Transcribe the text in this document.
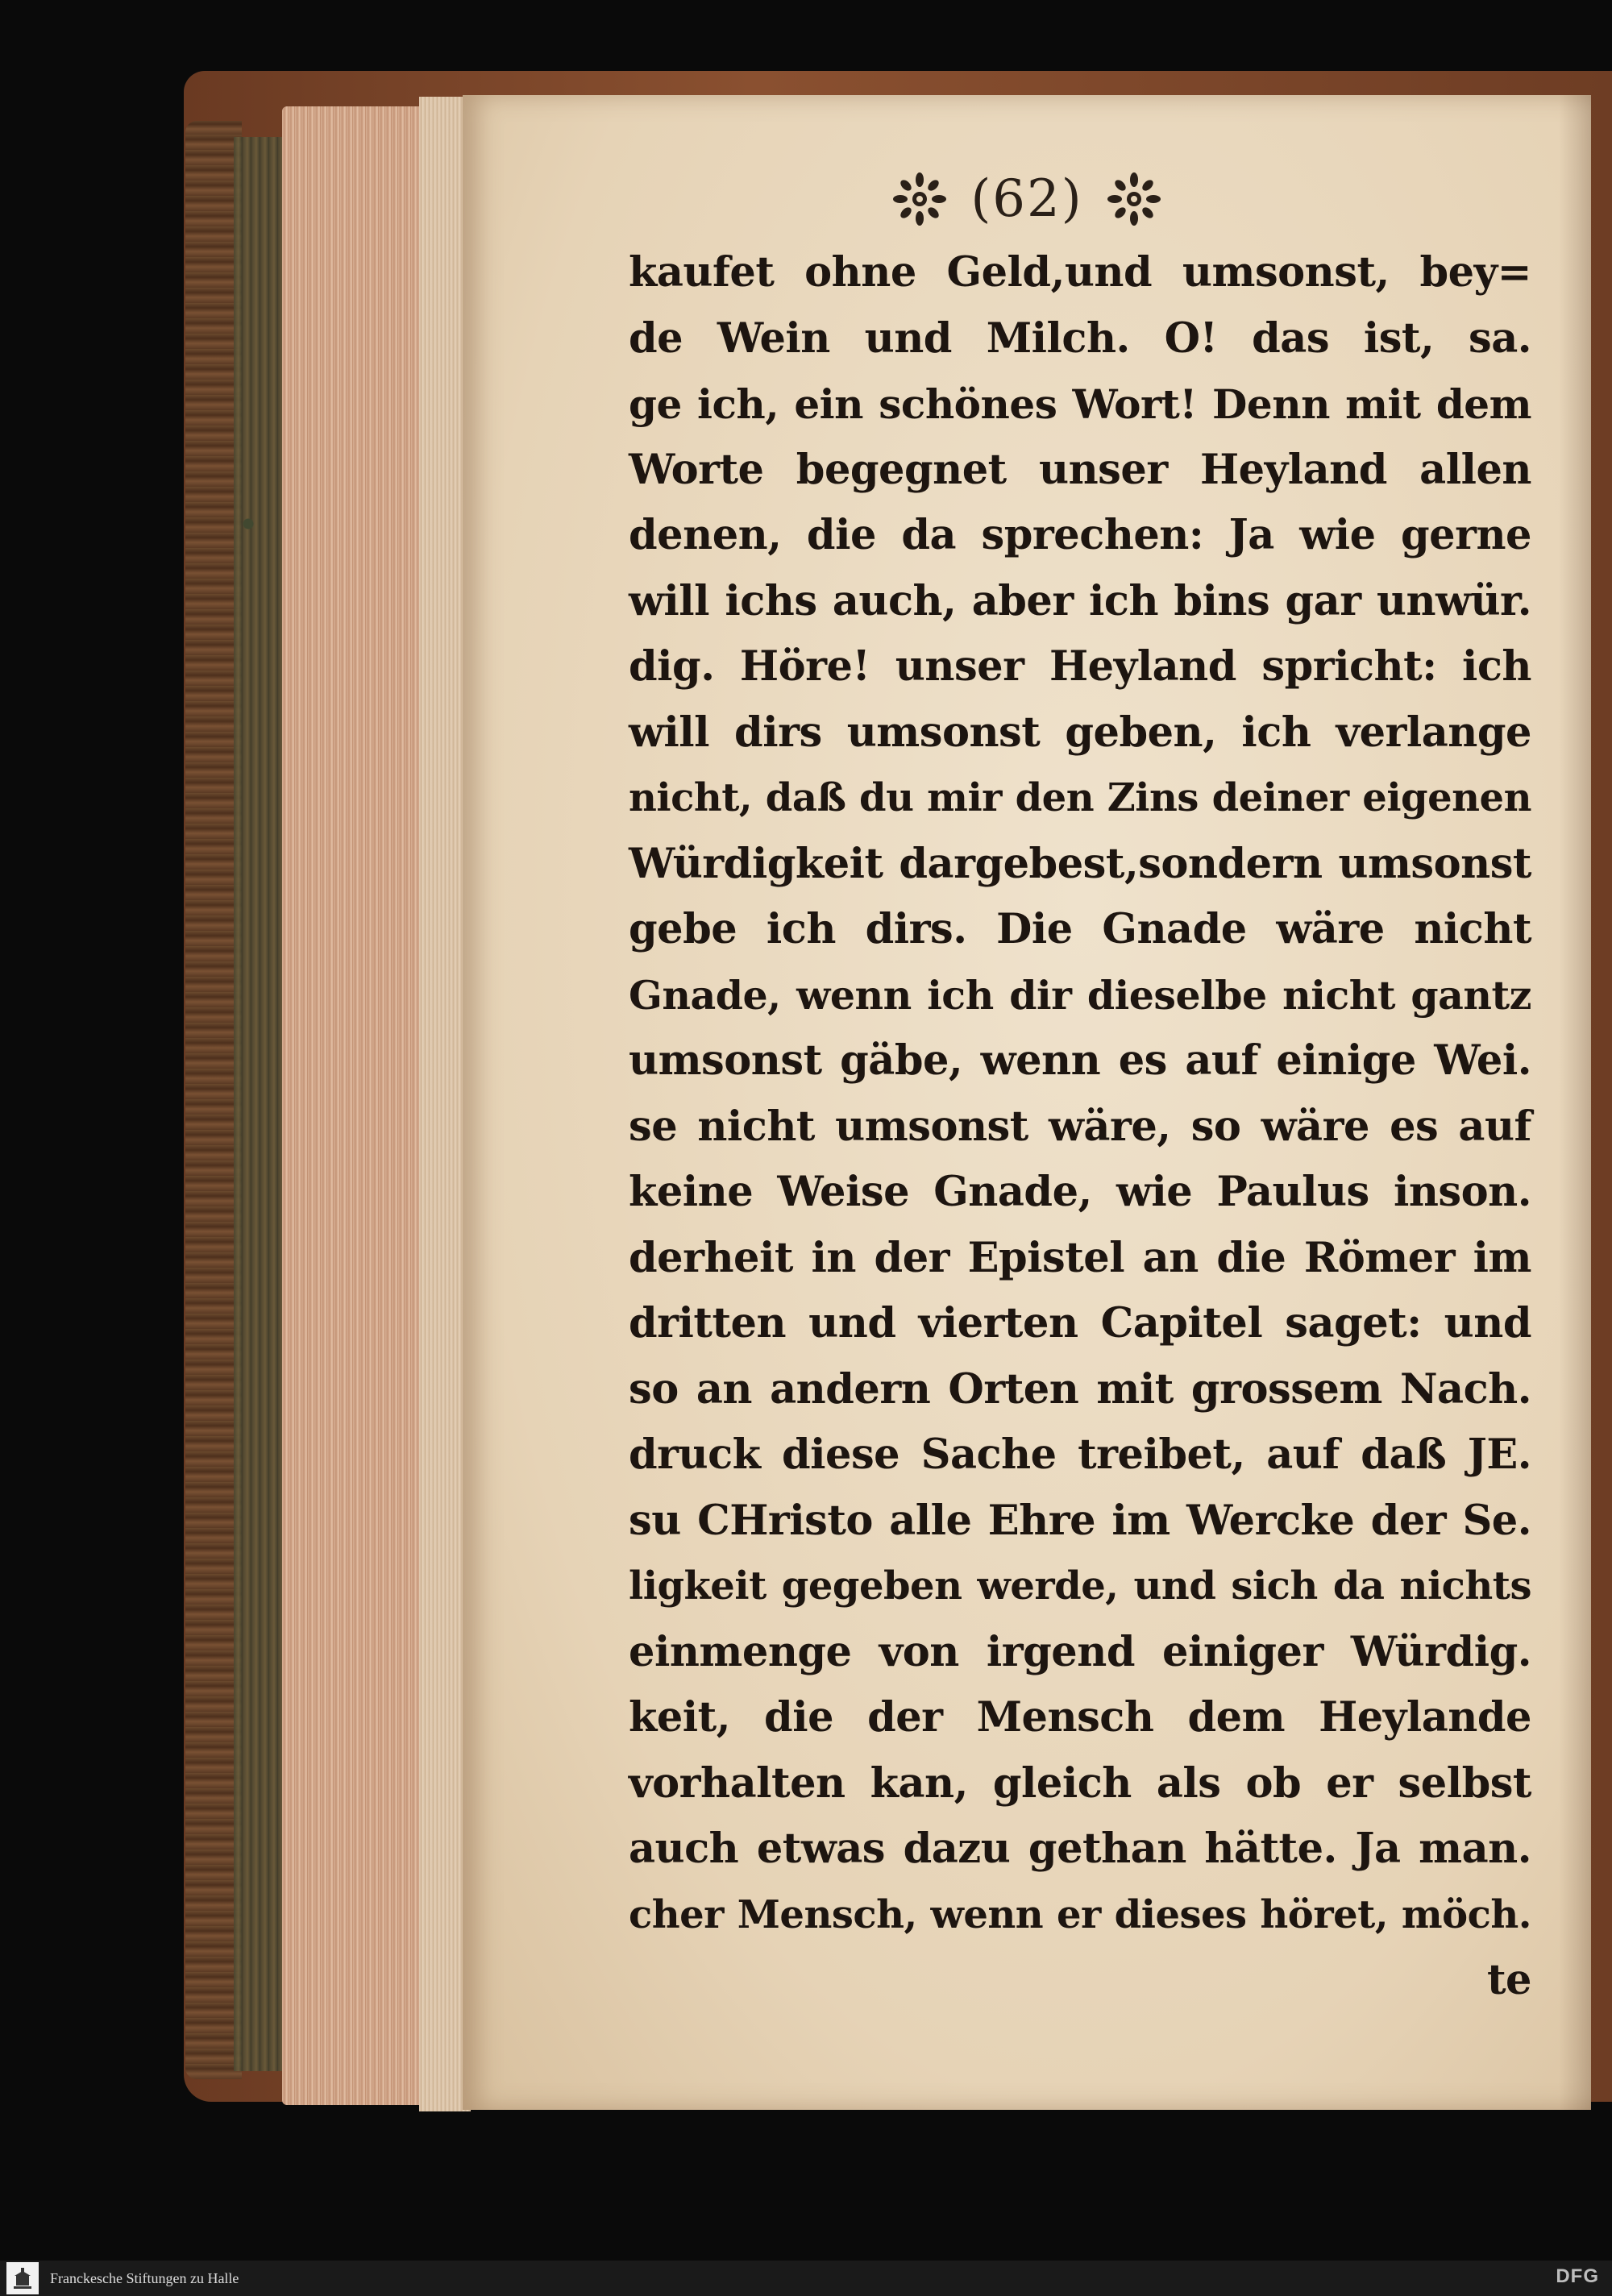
(62)
kaufet ohne Geld,und umsonst, bey=
de Wein und Milch. O! das ist, sa.
ge ich, ein schönes Wort! Denn mit dem
Worte begegnet unser Heyland allen
denen, die da sprechen: Ja wie gerne
will ichs auch, aber ich bins gar unwür.
dig. Höre! unser Heyland spricht: ich
will dirs umsonst geben, ich verlange
nicht, daß du mir den Zins deiner eigenen
Würdigkeit dargebest,sondern umsonst
gebe ich dirs. Die Gnade wäre nicht
Gnade, wenn ich dir dieselbe nicht gantz
umsonst gäbe, wenn es auf einige Wei.
se nicht umsonst wäre, so wäre es auf
keine Weise Gnade, wie Paulus inson.
derheit in der Epistel an die Römer im
dritten und vierten Capitel saget: und
so an andern Orten mit grossem Nach.
druck diese Sache treibet, auf daß JE.
su CHristo alle Ehre im Wercke der Se.
ligkeit gegeben werde, und sich da nichts
einmenge von irgend einiger Würdig.
keit, die der Mensch dem Heylande
vorhalten kan, gleich als ob er selbst
auch etwas dazu gethan hätte. Ja man.
cher Mensch, wenn er dieses höret, möch.
te
Franckesche Stiftungen zu Halle	DFG
